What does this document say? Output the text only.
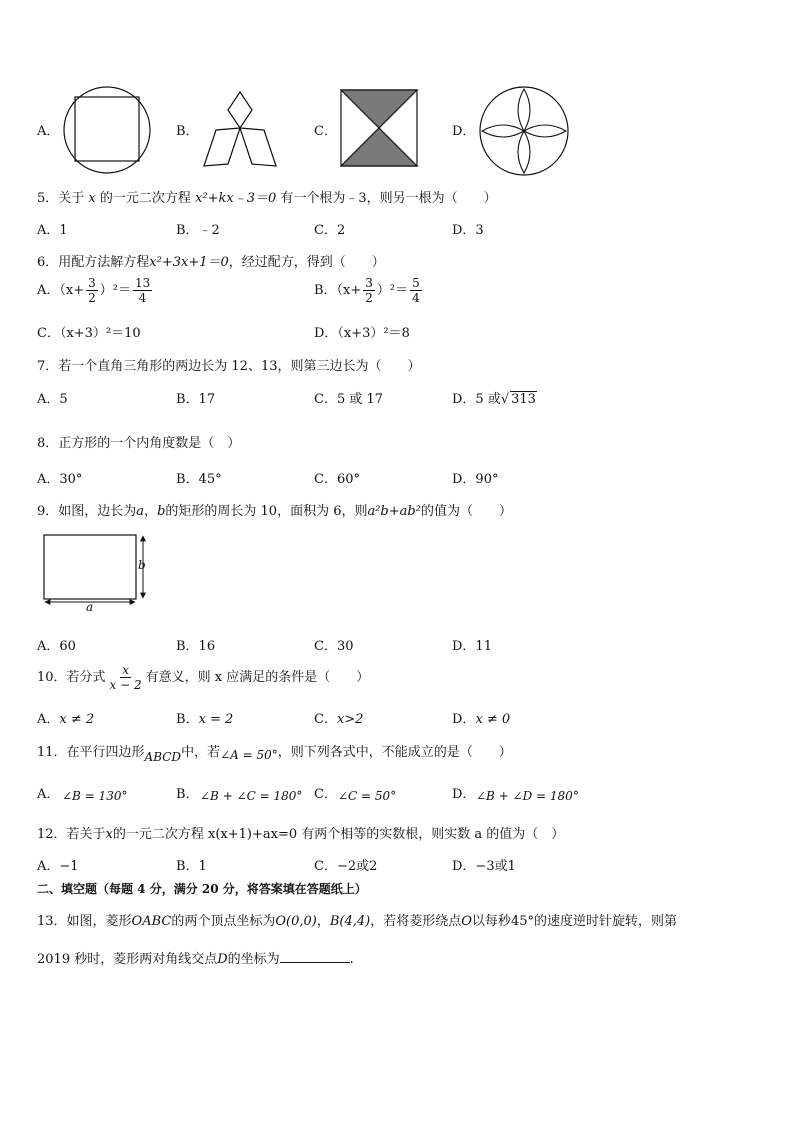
A．	B．	C．	D．
5．关于 x 的一元二次方程 x²+kx﹣3＝0 有一个根为﹣3，则另一根为（　　）
A．1	B．﹣2	C．2	D．3
6．用配方法解方程x²+3x+1＝0，经过配方，得到（　　）
A．$(x+ \frac{3}{2} )^2= \frac{13}{4}$	B．$(x+ \frac{3}{2} )^2= \frac{5}{4}$
C．（x+3）²＝10	D．（x+3）²＝8
7．若一个直角三角形的两边长为 12、13，则第三边长为（　　）
A．5	B．17	C．5 或 17	D．5 或√ 313
8．正方形的一个内角度数是（　）
A．30°	B．45°	C．60°	D．90°
9．如图，边长为a，b的矩形的周长为 10，面积为 6，则a²b+ab²的值为（　　）
b
a
A．60	B．16	C．30	D．11
10．若分式 $\frac{x}{x - 2}$ 有意义，则 x 应满足的条件是（　　）
A．x ≠ 2	B．x = 2	C．x>2	D．x ≠ 0
11．在平行四边形ABCD中，若∠A = 50°，则下列各式中，不能成立的是（　　）
A． ∠B = 130°	B． ∠B + ∠C = 180° C． ∠C = 50°	D． ∠B + ∠D = 180°
12．若关于x的一元二次方程 x(x+1)+ax=0 有两个相等的实数根，则实数 a 的值为（　）
A．−1	B．1	C．−2或2	D．−3或1
二、填空题（每题 4 分，满分 20 分，将答案填在答题纸上）
13．如图，菱形OABC的两个顶点坐标为O(0,0)，B(4,4)，若将菱形绕点O以每秒45°的速度逆时针旋转，则第
2019 秒时，菱形两对角线交点D的坐标为	.
